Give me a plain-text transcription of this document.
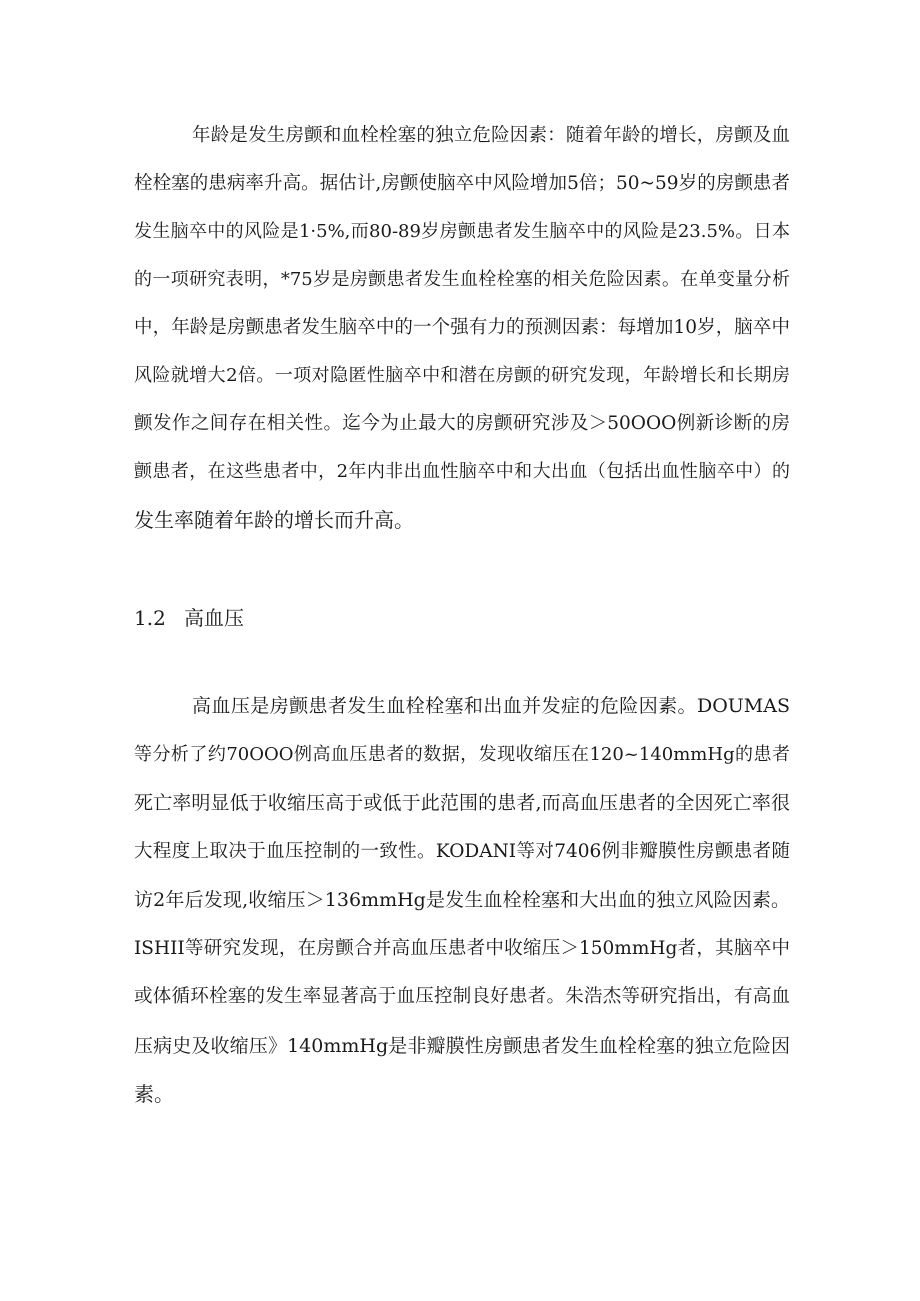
年龄是发生房颤和血栓栓塞的独立危险因素：随着年龄的增长，房颤及血
栓栓塞的患病率升高。据估计,房颤使脑卒中风险增加5倍；50~59岁的房颤患者
发生脑卒中的风险是1·5%,而80-89岁房颤患者发生脑卒中的风险是23.5%。日本
的一项研究表明，*75岁是房颤患者发生血栓栓塞的相关危险因素。在单变量分析
中，年龄是房颤患者发生脑卒中的一个强有力的预测因素：每增加10岁，脑卒中
风险就增大2倍。一项对隐匿性脑卒中和潜在房颤的研究发现，年龄增长和长期房
颤发作之间存在相关性。迄今为止最大的房颤研究涉及＞50OOO例新诊断的房
颤患者，在这些患者中，2年内非出血性脑卒中和大出血（包括出血性脑卒中）的
发生率随着年龄的增长而升高。
1.2 高血压
高血压是房颤患者发生血栓栓塞和出血并发症的危险因素。DOUMAS
等分析了约70OOO例高血压患者的数据，发现收缩压在120~140mmHg的患者
死亡率明显低于收缩压高于或低于此范围的患者,而高血压患者的全因死亡率很
大程度上取决于血压控制的一致性。KODANI等对7406例非瓣膜性房颤患者随
访2年后发现,收缩压＞136mmHg是发生血栓栓塞和大出血的独立风险因素。
ISHII等研究发现，在房颤合并高血压患者中收缩压＞150mmHg者，其脑卒中
或体循环栓塞的发生率显著高于血压控制良好患者。朱浩杰等研究指出，有高血
压病史及收缩压》140mmHg是非瓣膜性房颤患者发生血栓栓塞的独立危险因
素。
